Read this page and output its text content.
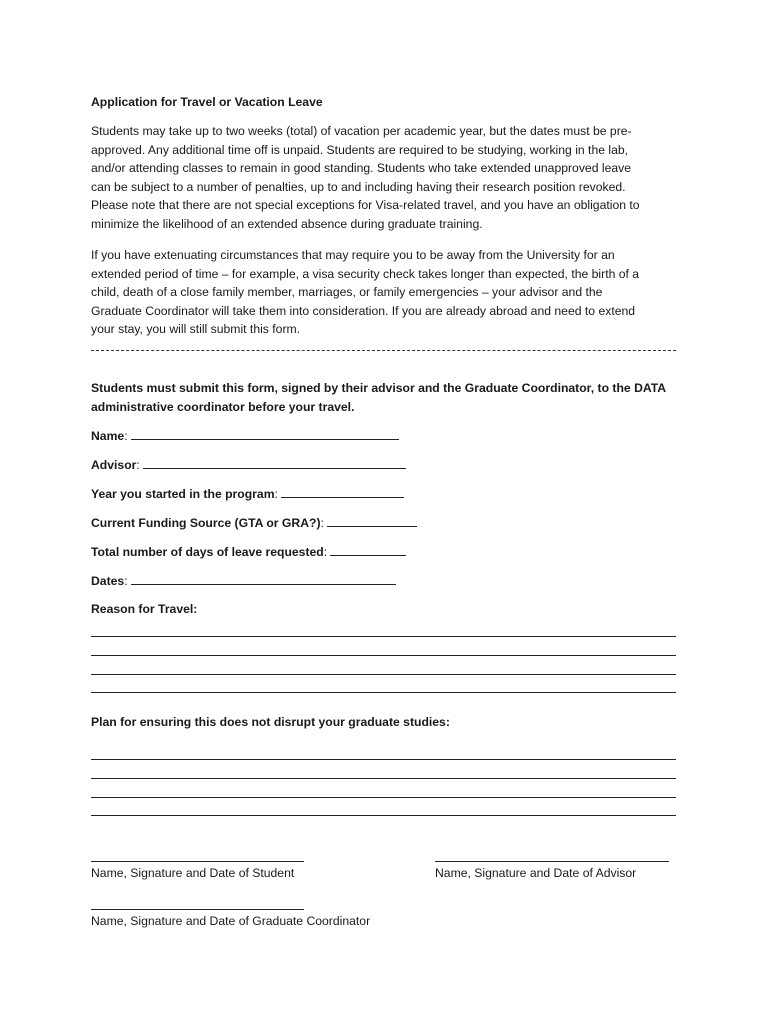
Application for Travel or Vacation Leave
Students may take up to two weeks (total) of vacation per academic year, but the dates must be pre-
approved. Any additional time off is unpaid. Students are required to be studying, working in the lab,
and/or attending classes to remain in good standing. Students who take extended unapproved leave
can be subject to a number of penalties, up to and including having their research position revoked.
Please note that there are not special exceptions for Visa-related travel, and you have an obligation to
minimize the likelihood of an extended absence during graduate training.
If you have extenuating circumstances that may require you to be away from the University for an
extended period of time – for example, a visa security check takes longer than expected, the birth of a
child, death of a close family member, marriages, or family emergencies – your advisor and the
Graduate Coordinator will take them into consideration. If you are already abroad and need to extend
your stay, you will still submit this form.
Students must submit this form, signed by their advisor and the Graduate Coordinator, to the DATA
administrative coordinator before your travel.
Name:
Advisor:
Year you started in the program:
Current Funding Source (GTA or GRA?):
Total number of days of leave requested:
Dates:
Reason for Travel:
Plan for ensuring this does not disrupt your graduate studies:
Name, Signature and Date of Student	Name, Signature and Date of Advisor
Name, Signature and Date of Graduate Coordinator
